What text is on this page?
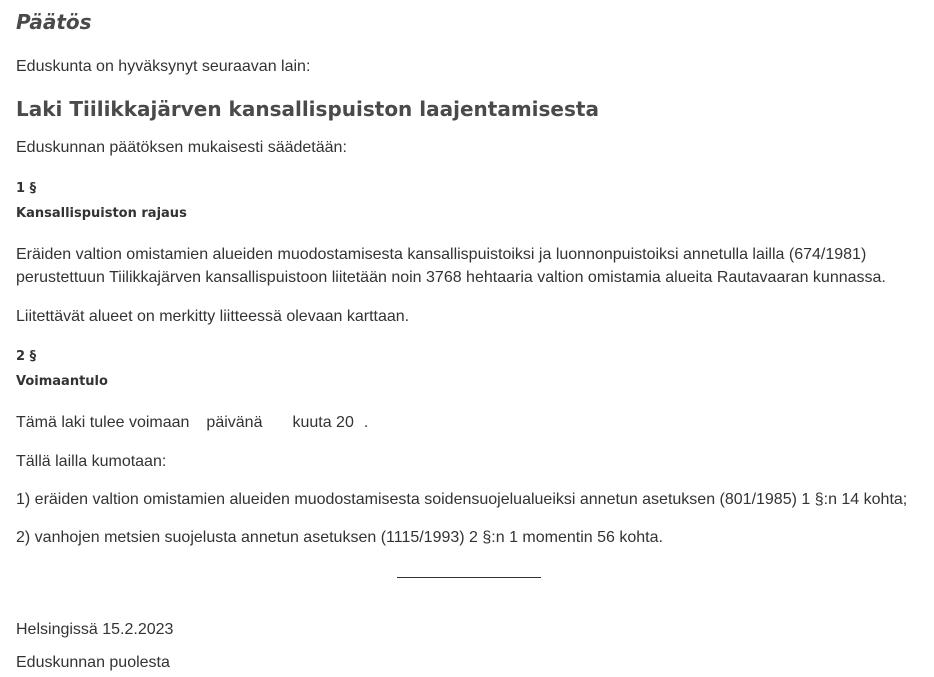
Päätös
Eduskunta on hyväksynyt seuraavan lain:
Laki Tiilikkajärven kansallispuiston laajentamisesta
Eduskunnan päätöksen mukaisesti säädetään:
1 §
Kansallispuiston rajaus
Eräiden valtion omistamien alueiden muodostamisesta kansallispuistoiksi ja luonnonpuistoiksi annetulla lailla (674/1981) perustettuun Tiilikkajärven kansallispuistoon liitetään noin 3768 hehtaaria valtion omistamia alueita Rautavaaran kunnassa.
Liitettävät alueet on merkitty liitteessä olevaan karttaan.
2 §
Voimaantulo
Tämä laki tulee voimaan päivänä kuuta 20 .
Tällä lailla kumotaan:
1) eräiden valtion omistamien alueiden muodostamisesta soidensuojelualueiksi annetun asetuksen (801/1985) 1 §:n 14 kohta;
2) vanhojen metsien suojelusta annetun asetuksen (1115/1993) 2 §:n 1 momentin 56 kohta.
Helsingissä 15.2.2023
Eduskunnan puolesta
